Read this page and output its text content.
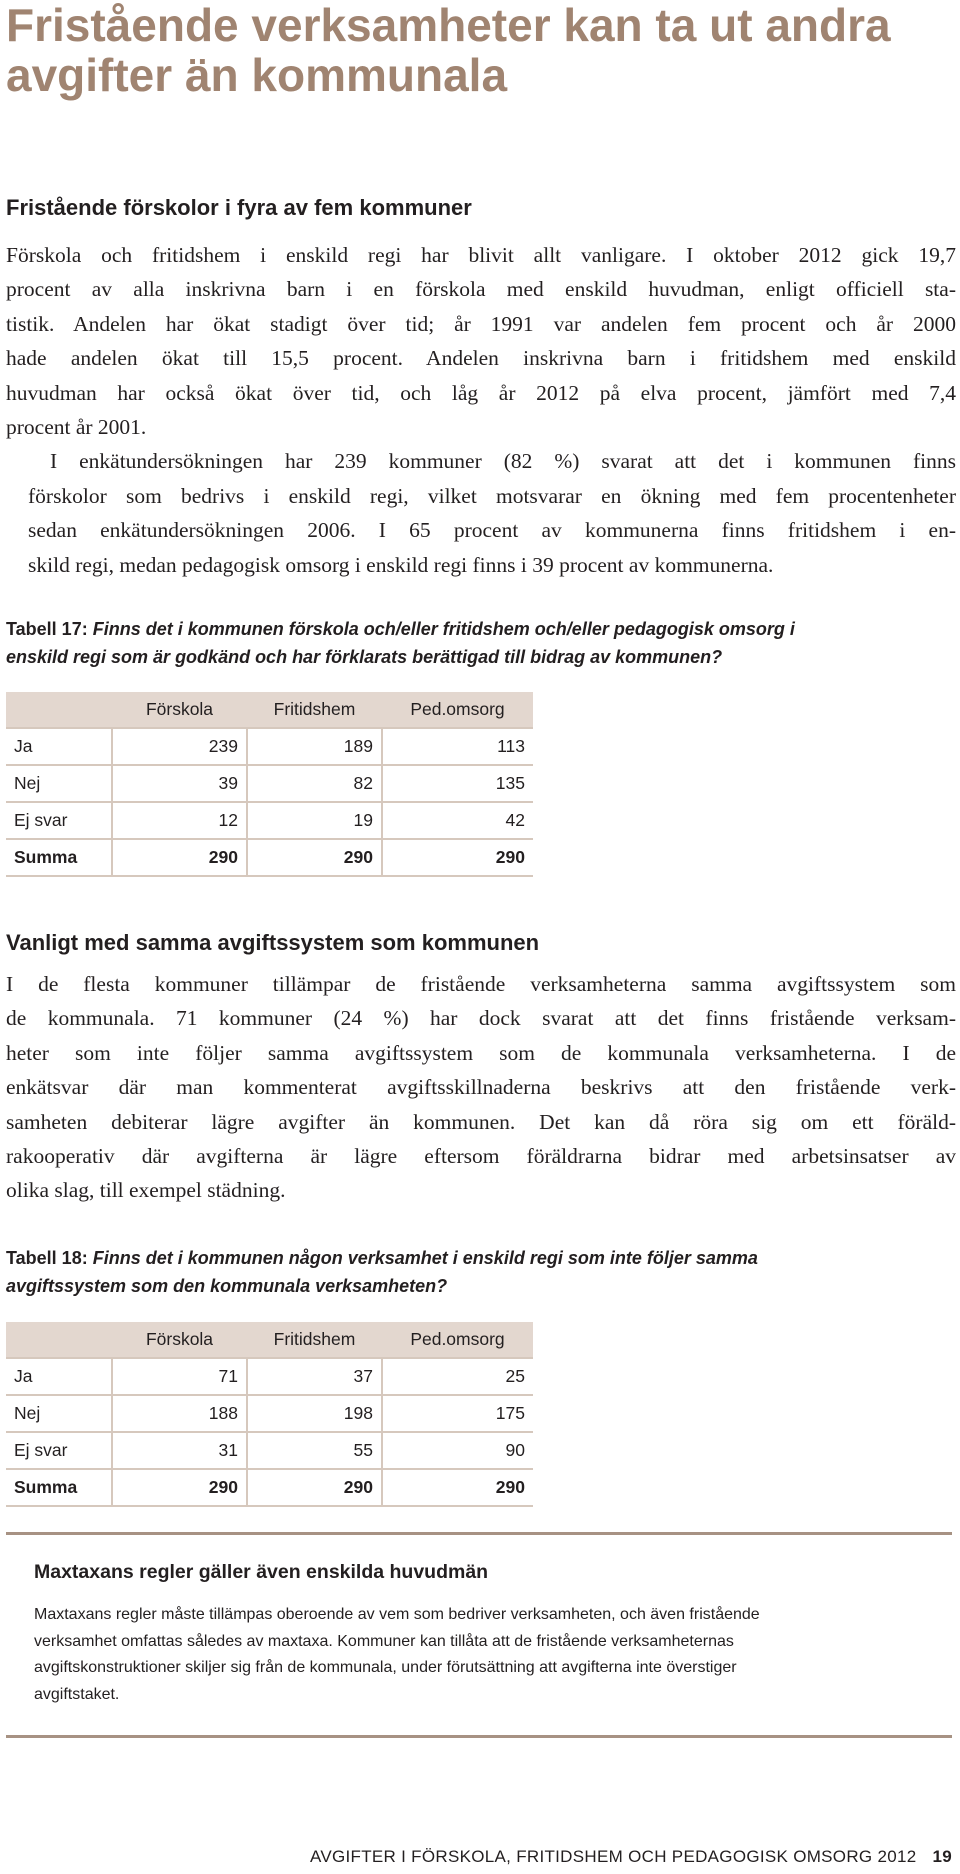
Fristående verksamheter kan ta ut andra avgifter än kommunala
Fristående förskolor i fyra av fem kommuner

Förskola och fritidshem i enskild regi har blivit allt vanligare. I oktober 2012 gick 19,7
procent av alla inskrivna barn i en förskola med enskild huvudman, enligt officiell sta-
tistik. Andelen har ökat stadigt över tid; år 1991 var andelen fem procent och år 2000
hade andelen ökat till 15,5 procent. Andelen inskrivna barn i fritidshem med enskild
huvudman har också ökat över tid, och låg år 2012 på elva procent, jämfört med 7,4
procent år 2001.

I enkätundersökningen har 239 kommuner (82 %) svarat att det i kommunen finns
förskolor som bedrivs i enskild regi, vilket motsvarar en ökning med fem procentenheter
sedan enkätundersökningen 2006. I 65 procent av kommunerna finns fritidshem i en-
skild regi, medan pedagogisk omsorg i enskild regi finns i 39 procent av kommunerna.

Tabell 17: Finns det i kommunen förskola och/eller fritidshem och/eller pedagogisk omsorg i
enskild regi som är godkänd och har förklarats berättigad till bidrag av kommunen?
	Förskola	Fritidshem	Ped.omsorg
Ja	239	189	113
Nej	39	82	135
Ej svar	12	19	42
Summa	290	290	290
Vanligt med samma avgiftssystem som kommunen

I de flesta kommuner tillämpar de fristående verksamheterna samma avgiftssystem som
de kommunala. 71 kommuner (24 %) har dock svarat att det finns fristående verksam-
heter som inte följer samma avgiftssystem som de kommunala verksamheterna. I de
enkätsvar där man kommenterat avgiftsskillnaderna beskrivs att den fristående verk-
samheten debiterar lägre avgifter än kommunen. Det kan då röra sig om ett föräld-
rakooperativ där avgifterna är lägre eftersom föräldrarna bidrar med arbetsinsatser av
olika slag, till exempel städning.

Tabell 18: Finns det i kommunen någon verksamhet i enskild regi som inte följer samma
avgiftssystem som den kommunala verksamheten?
	Förskola	Fritidshem	Ped.omsorg
Ja	71	37	25
Nej	188	198	175
Ej svar	31	55	90
Summa	290	290	290
Maxtaxans regler gäller även enskilda huvudmän
Maxtaxans regler måste tillämpas oberoende av vem som bedriver verksamheten, och även fristående
verksamhet omfattas således av maxtaxa. Kommuner kan tillåta att de fristående verksamheternas
avgiftskonstruktioner skiljer sig från de kommunala, under förutsättning att avgifterna inte överstiger
avgiftstaket.
AVGIFTER I FÖRSKOLA, FRITIDSHEM OCH PEDAGOGISK OMSORG 2012 19
